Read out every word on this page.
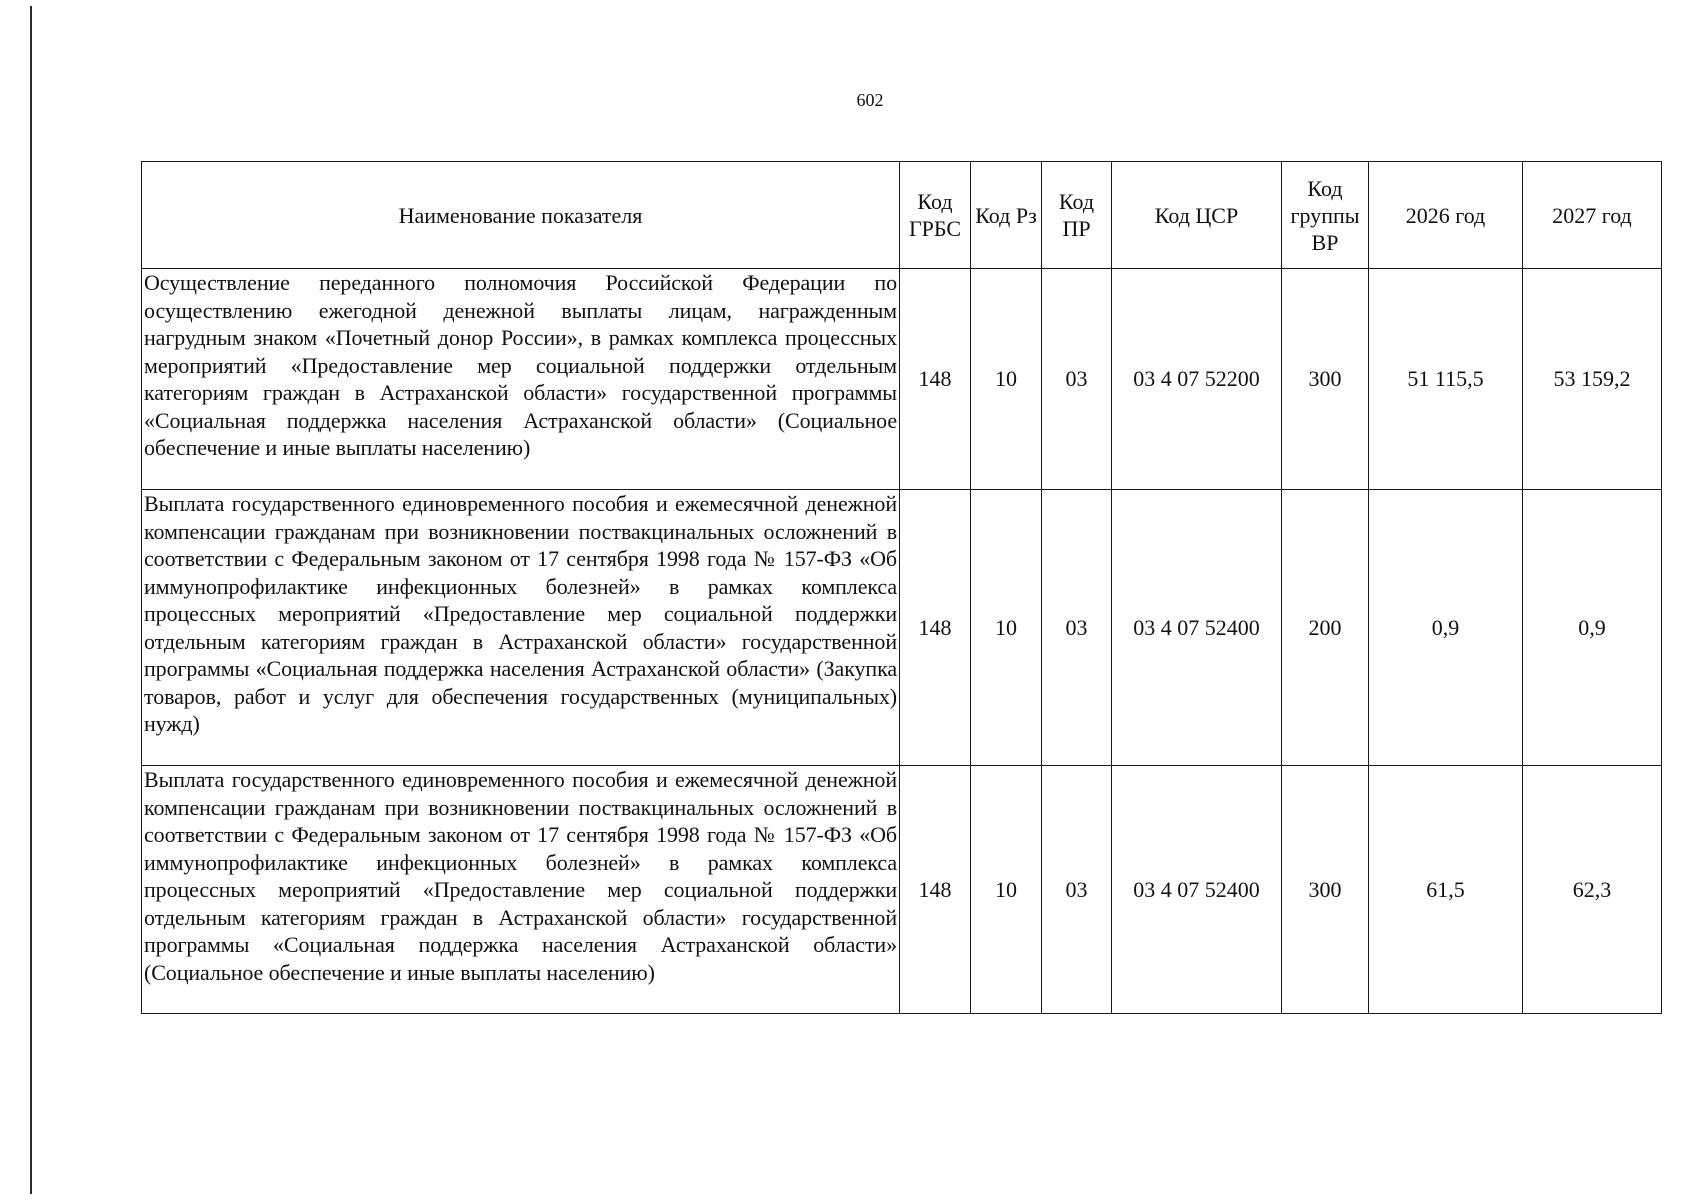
602
Наименование показателя	Код ГРБС	Код Рз	Код ПР	Код ЦСР	Код группы ВР	2026 год	2027 год
Осуществление переданного полномочия Российской Федерации по осуществлению ежегодной денежной выплаты лицам, награжденным нагрудным знаком «Почетный донор России», в рамках комплекса процессных мероприятий «Предоставление мер социальной поддержки отдельным категориям граждан в Астраханской области» государственной программы «Социальная поддержка населения Астраханской области» (Социальное обеспечение и иные выплаты населению)	148	10	03	03 4 07 52200	300	51 115,5	53 159,2
Выплата государственного единовременного пособия и ежемесячной денежной компенсации гражданам при возникновении поствакцинальных осложнений в соответствии с Федеральным законом от 17 сентября 1998 года № 157-ФЗ «Об иммунопрофилактике инфекционных болезней» в рамках комплекса процессных мероприятий «Предоставление мер социальной поддержки отдельным категориям граждан в Астраханской области» государственной программы «Социальная поддержка населения Астраханской области» (Закупка товаров, работ и услуг для обеспечения государственных (муниципальных) нужд)	148	10	03	03 4 07 52400	200	0,9	0,9
Выплата государственного единовременного пособия и ежемесячной денежной компенсации гражданам при возникновении поствакцинальных осложнений в соответствии с Федеральным законом от 17 сентября 1998 года № 157-ФЗ «Об иммунопрофилактике инфекционных болезней» в рамках комплекса процессных мероприятий «Предоставление мер социальной поддержки отдельным категориям граждан в Астраханской области» государственной программы «Социальная поддержка населения Астраханской области» (Социальное обеспечение и иные выплаты населению)	148	10	03	03 4 07 52400	300	61,5	62,3
